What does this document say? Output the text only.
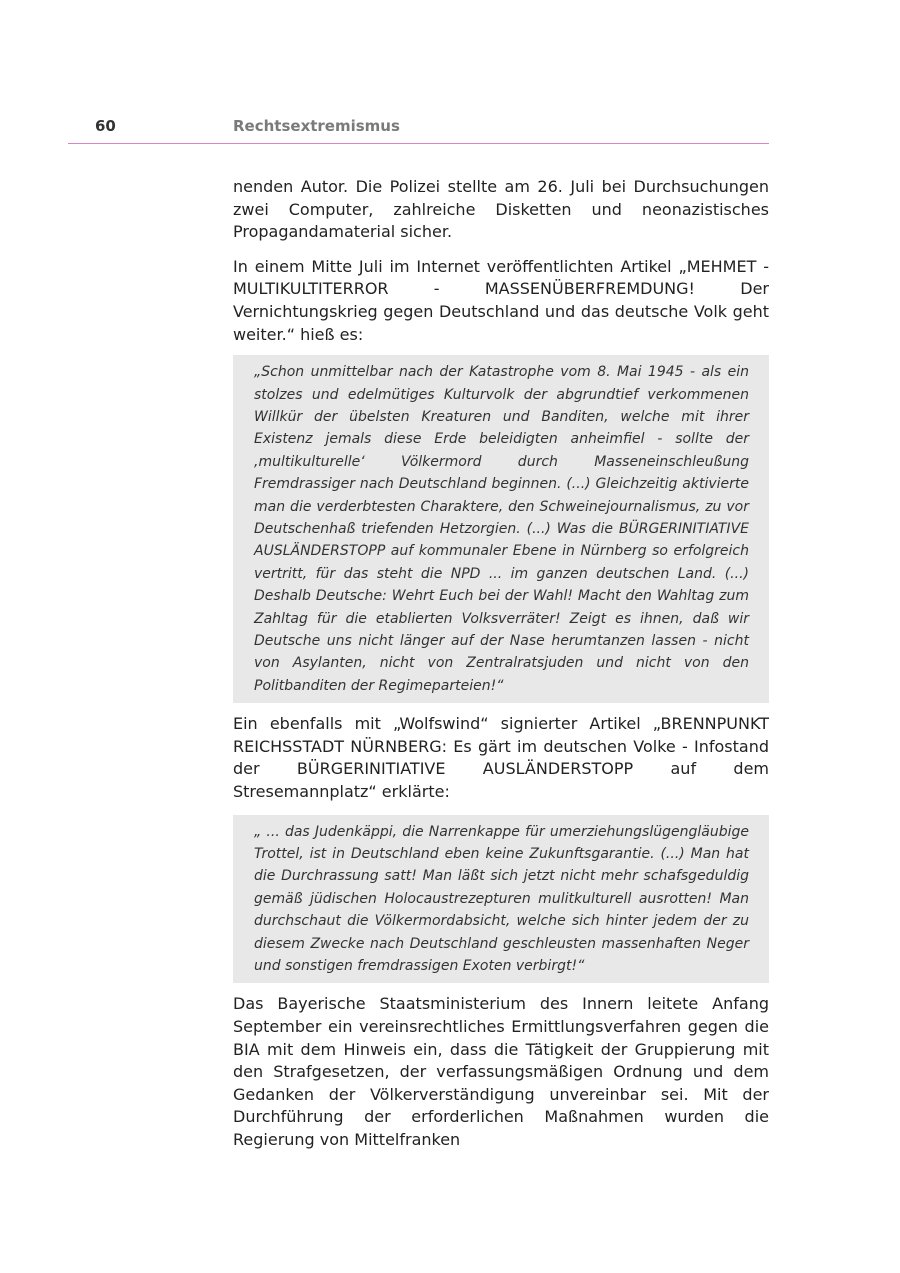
60	Rechtsextremismus

nenden Autor. Die Polizei stellte am 26. Juli bei Durchsuchungen zwei Computer, zahlreiche Disketten und neonazistisches Propagandamaterial sicher.

In einem Mitte Juli im Internet veröffentlichten Artikel „MEHMET - MULTIKULTITERROR - MASSENÜBERFREMDUNG! Der Vernichtungskrieg gegen Deutschland und das deutsche Volk geht weiter.“ hieß es:

„Schon unmittelbar nach der Katastrophe vom 8. Mai 1945 - als ein stolzes und edelmütiges Kulturvolk der abgrundtief verkommenen Willkür der übelsten Kreaturen und Banditen, welche mit ihrer Existenz jemals diese Erde beleidigten anheimfiel - sollte der ‚multikulturelle‘ Völkermord durch Masseneinschleußung Fremdrassiger nach Deutschland beginnen. (...) Gleichzeitig aktivierte man die verderbtesten Charaktere, den Schweinejournalismus, zu vor Deutschenhaß triefenden Hetzorgien. (...) Was die BÜRGERINITIATIVE AUSLÄNDERSTOPP auf kommunaler Ebene in Nürnberg so erfolgreich vertritt, für das steht die NPD ... im ganzen deutschen Land. (...) Deshalb Deutsche: Wehrt Euch bei der Wahl! Macht den Wahltag zum Zahltag für die etablierten Volksverräter! Zeigt es ihnen, daß wir Deutsche uns nicht länger auf der Nase herumtanzen lassen - nicht von Asylanten, nicht von Zentralratsjuden und nicht von den Politbanditen der Regimeparteien!“

Ein ebenfalls mit „Wolfswind“ signierter Artikel „BRENNPUNKT REICHSSTADT NÜRNBERG: Es gärt im deutschen Volke - Infostand der BÜRGERINITIATIVE AUSLÄNDERSTOPP auf dem Stresemannplatz“ erklärte:

„ ... das Judenkäppi, die Narrenkappe für umerziehungslügengläubige Trottel, ist in Deutschland eben keine Zukunftsgarantie. (...) Man hat die Durchrassung satt! Man läßt sich jetzt nicht mehr schafsgeduldig gemäß jüdischen Holocaustrezepturen mulitkulturell ausrotten! Man durchschaut die Völkermordabsicht, welche sich hinter jedem der zu diesem Zwecke nach Deutschland geschleusten massenhaften Neger und sonstigen fremdrassigen Exoten verbirgt!“

Das Bayerische Staatsministerium des Innern leitete Anfang September ein vereinsrechtliches Ermittlungsverfahren gegen die BIA mit dem Hinweis ein, dass die Tätigkeit der Gruppierung mit den Strafgesetzen, der verfassungsmäßigen Ordnung und dem Gedanken der Völkerverständigung unvereinbar sei. Mit der Durchführung der erforderlichen Maßnahmen wurden die Regierung von Mittelfranken
